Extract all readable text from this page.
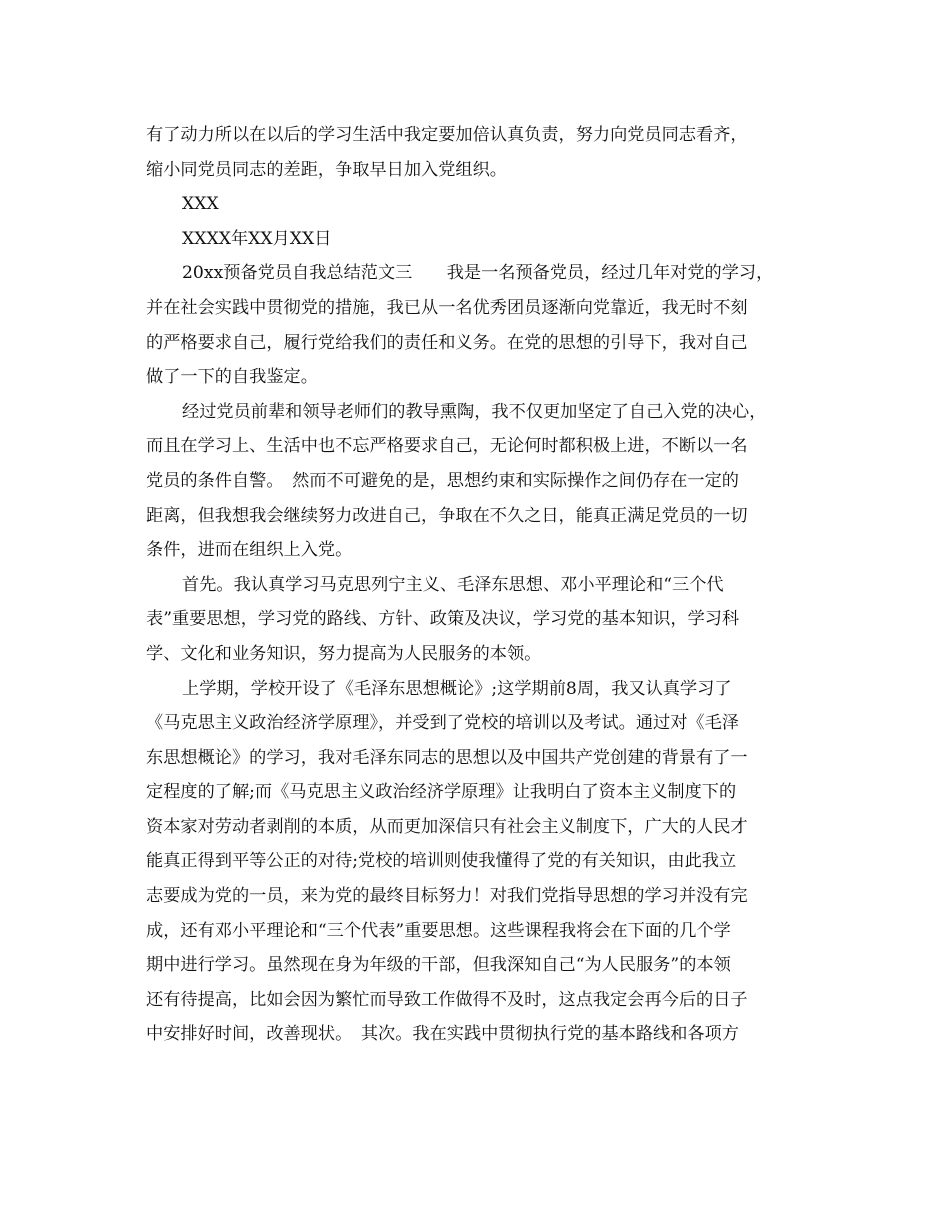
有了动力所以在以后的学习生活中我定要加倍认真负责，努力向党员同志看齐，
缩小同党员同志的差距，争取早日加入党组织。
XXX
XXXX年XX月XX日
20xx预备党员自我总结范文三　　我是一名预备党员，经过几年对党的学习，
并在社会实践中贯彻党的措施，我已从一名优秀团员逐渐向党靠近，我无时不刻
的严格要求自己，履行党给我们的责任和义务。在党的思想的引导下，我对自己
做了一下的自我鉴定。
经过党员前辈和领导老师们的教导熏陶，我不仅更加坚定了自己入党的决心，
而且在学习上、生活中也不忘严格要求自己，无论何时都积极上进，不断以一名
党员的条件自警。　然而不可避免的是，思想约束和实际操作之间仍存在一定的
距离，但我想我会继续努力改进自己，争取在不久之日，能真正满足党员的一切
条件，进而在组织上入党。
首先。我认真学习马克思列宁主义、毛泽东思想、邓小平理论和“三个代
表”重要思想，学习党的路线、方针、政策及决议，学习党的基本知识，学习科
学、文化和业务知识，努力提高为人民服务的本领。
上学期，学校开设了《毛泽东思想概论》;这学期前8周，我又认真学习了
《马克思主义政治经济学原理》，并受到了党校的培训以及考试。通过对《毛泽
东思想概论》的学习，我对毛泽东同志的思想以及中国共产党创建的背景有了一
定程度的了解;而《马克思主义政治经济学原理》让我明白了资本主义制度下的
资本家对劳动者剥削的本质，从而更加深信只有社会主义制度下，广大的人民才
能真正得到平等公正的对待;党校的培训则使我懂得了党的有关知识，由此我立
志要成为党的一员，来为党的最终目标努力！对我们党指导思想的学习并没有完
成，还有邓小平理论和“三个代表”重要思想。这些课程我将会在下面的几个学
期中进行学习。虽然现在身为年级的干部，但我深知自己“为人民服务”的本领
还有待提高，比如会因为繁忙而导致工作做得不及时，这点我定会再今后的日子
中安排好时间，改善现状。　其次。我在实践中贯彻执行党的基本路线和各项方
